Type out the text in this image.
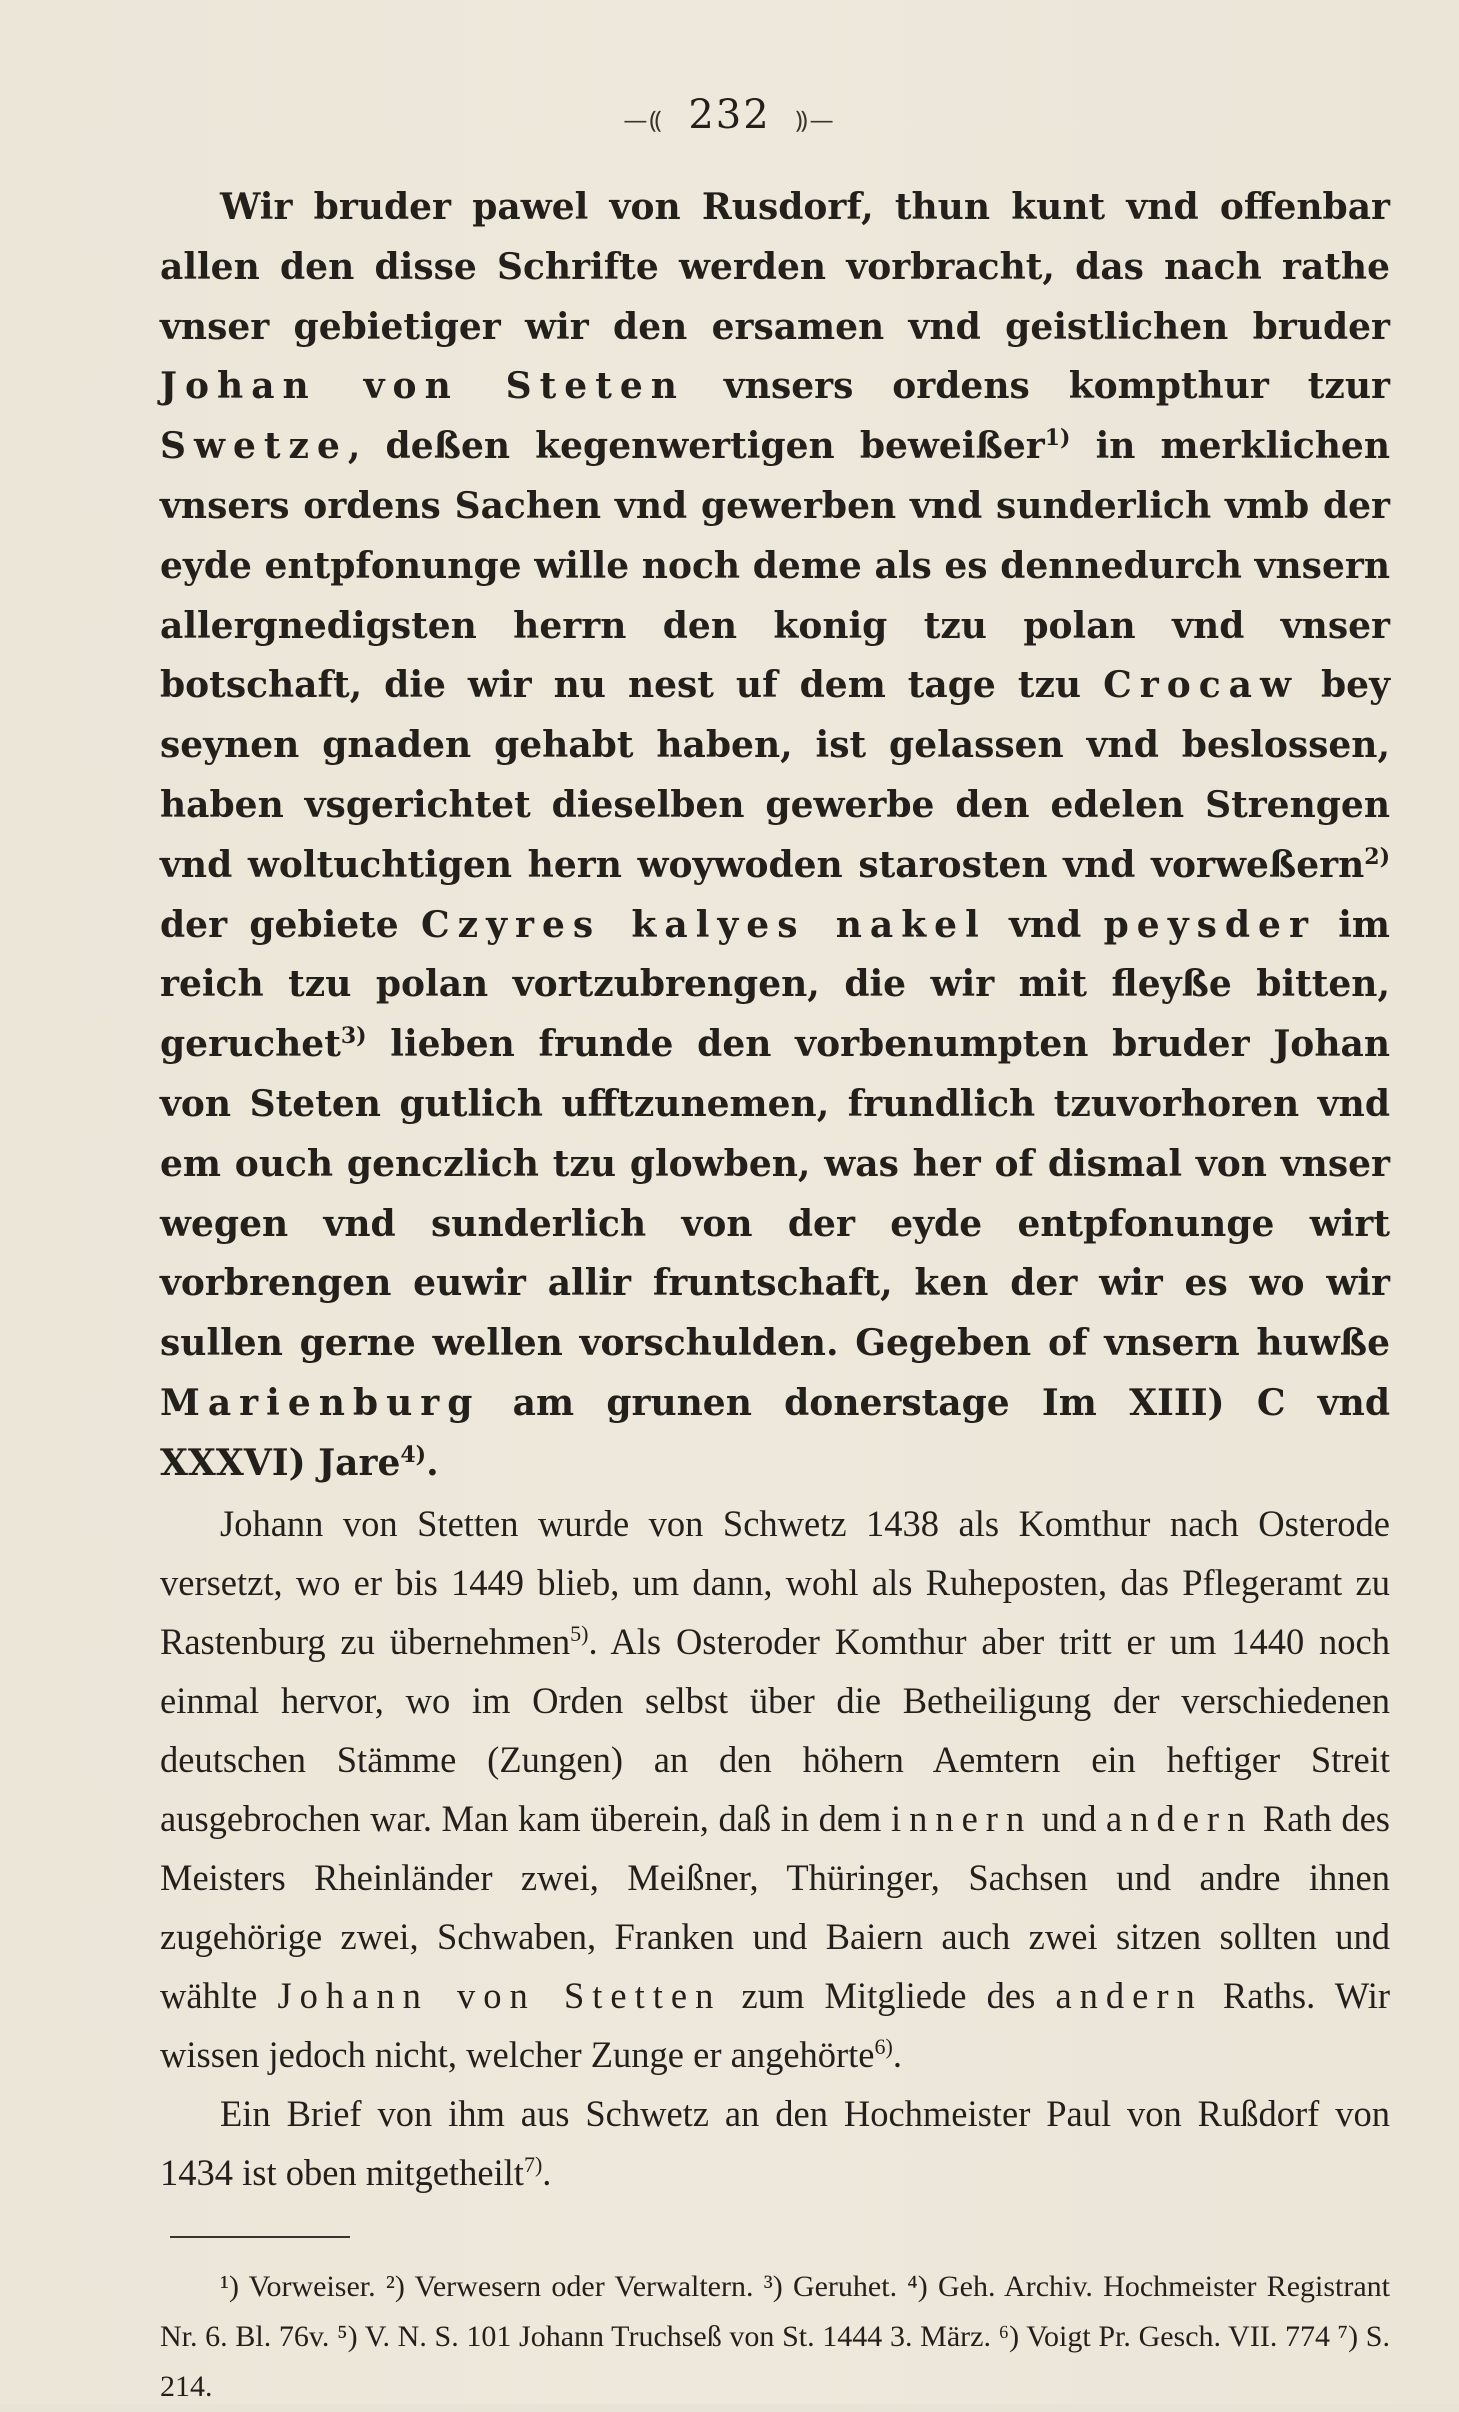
—⸨ 232 ⸩—

Wir bruder pawel von Rusdorf, thun kunt vnd offenbar allen den disse Schrifte werden vorbracht, das nach rathe vnser gebietiger wir den ersamen vnd geistlichen bruder Johan von Steten vnsers ordens kompthur tzur Swetze, deßen kegenwertigen beweißer$^{1)}$ in merklichen vnsers ordens Sachen vnd gewerben vnd sunderlich vmb der eyde entpfonunge wille noch deme als es dennedurch vnsern allergnedigsten herrn den konig tzu polan vnd vnser botschaft, die wir nu nest uf dem tage tzu Crocaw bey seynen gnaden gehabt haben, ist gelassen vnd beslossen, haben vsgerichtet dieselben gewerbe den edelen Strengen vnd woltuchtigen hern woywoden starosten vnd vorweßern$^{2)}$ der gebiete Czyres kalyes nakel vnd peysder im reich tzu polan vortzubrengen, die wir mit fleyße bitten, geruchet$^{3)}$ lieben frunde den vorbenumpten bruder Johan von Steten gutlich ufftzunemen, frundlich tzuvorhoren vnd em ouch genczlich tzu glowben, was her of dismal von vnser wegen vnd sunderlich von der eyde entpfonunge wirt vorbrengen euwir allir fruntschaft, ken der wir es wo wir sullen gerne wellen vorschulden. Gegeben of vnsern huwße Marienburg am grunen donerstage Im XIII) C vnd XXXVI) Jare$^{4)}$.

Johann von Stetten wurde von Schwetz 1438 als Komthur nach Osterode versetzt, wo er bis 1449 blieb, um dann, wohl als Ruheposten, das Pflegeramt zu Rastenburg zu übernehmen$^{5)}$. Als Osteroder Komthur aber tritt er um 1440 noch einmal hervor, wo im Orden selbst über die Betheiligung der verschiedenen deutschen Stämme (Zungen) an den höhern Aemtern ein heftiger Streit ausgebrochen war. Man kam überein, daß in dem innern und andern Rath des Meisters Rheinländer zwei, Meißner, Thüringer, Sachsen und andre ihnen zugehörige zwei, Schwaben, Franken und Baiern auch zwei sitzen sollten und wählte Johann von Stetten zum Mitgliede des andern Raths. Wir wissen jedoch nicht, welcher Zunge er angehörte$^{6)}$.

Ein Brief von ihm aus Schwetz an den Hochmeister Paul von Rußdorf von 1434 ist oben mitgetheilt$^{7)}$.

¹) Vorweiser. ²) Verwesern oder Verwaltern. ³) Geruhet. ⁴) Geh. Archiv. Hochmeister Registrant Nr. 6. Bl. 76v. ⁵) V. N. S. 101 Johann Truchseß von St. 1444 3. März. ⁶) Voigt Pr. Gesch. VII. 774 ⁷) S. 214.
